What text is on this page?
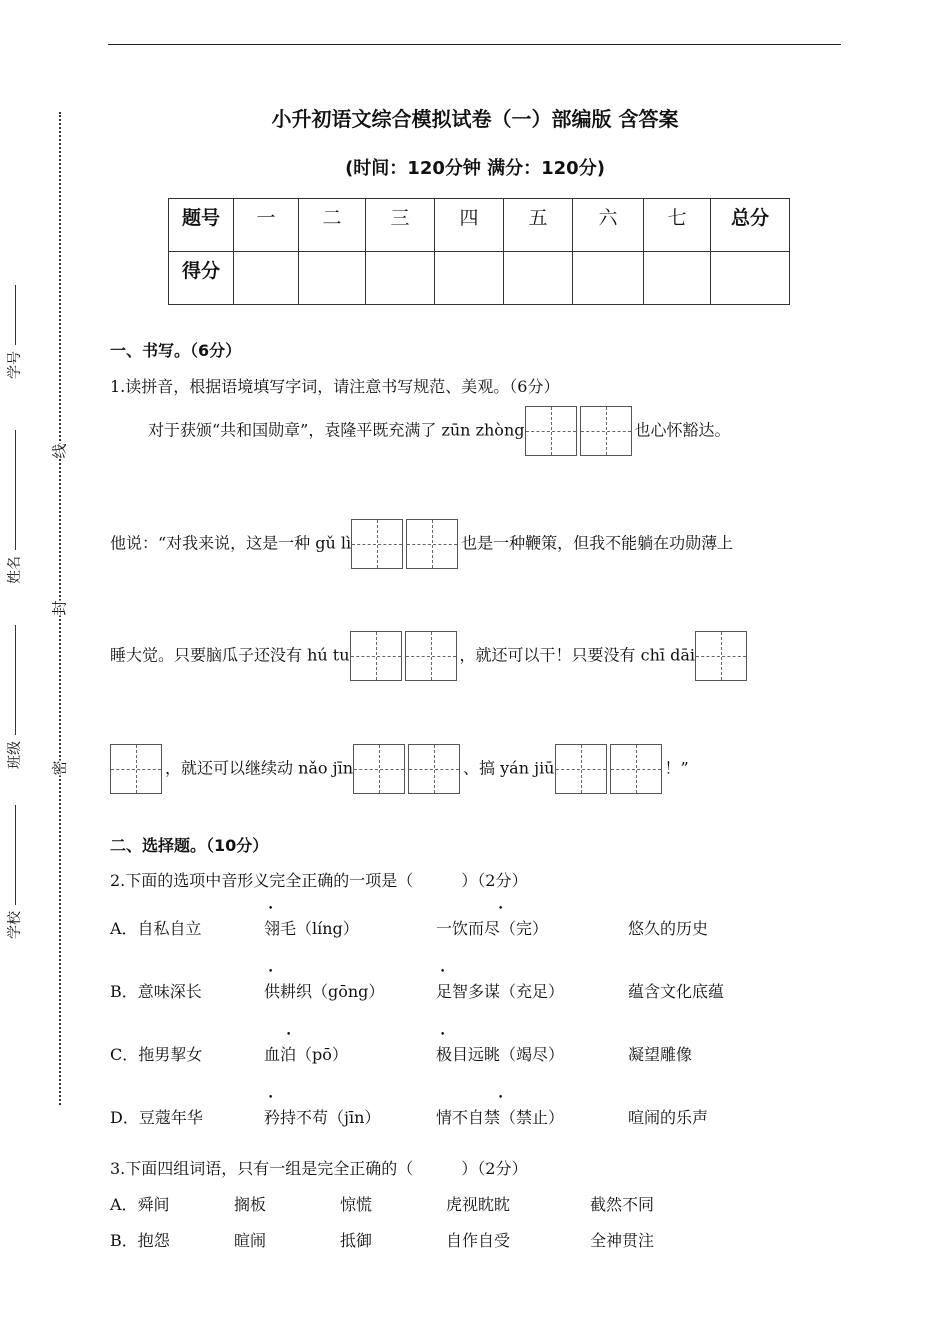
学号
姓名
班级
学校
线
封
密
小升初语文综合模拟试卷（一）部编版 含答案
(时间：120分钟 满分：120分)
题号	一	二	三	四	五	六	七	总分
得分								
一、书写。（6分）
1.读拼音，根据语境填写字词，请注意书写规范、美观。（6分）
对于获颁“共和国勋章”，袁隆平既充满了 zūn zhòng	也心怀豁达。
他说：“对我来说，这是一种 gǔ lì	也是一种鞭策，但我不能躺在功勋薄上
睡大觉。只要脑瓜子还没有 hú tu	，就还可以干！只要没有 chī dāi
，就还可以继续动 nǎo jīn	、搞 yán jiū	！”
二、选择题。（10分）
2.下面的选项中音形义完全正确的一项是（　　　）（2分）
A．自私自立	翎毛（líng）	一饮而尽（完）	悠久的历史
B．意味深长	供耕织（gōng）	足智多谋（充足）	蕴含文化底蕴
C．拖男挈女	血泊（pō）	极目远眺（竭尽）	凝望雕像
D．豆蔻年华	矜持不苟（jīn）	情不自禁（禁止）	喧闹的乐声
•	•
•	•
•	•
•	•
3.下面四组词语，只有一组是完全正确的（　　　）（2分）
A．舜间	搁板	惊慌	虎视眈眈	截然不同
B．抱怨	暄闹	抵御	自作自受	全神贯注
